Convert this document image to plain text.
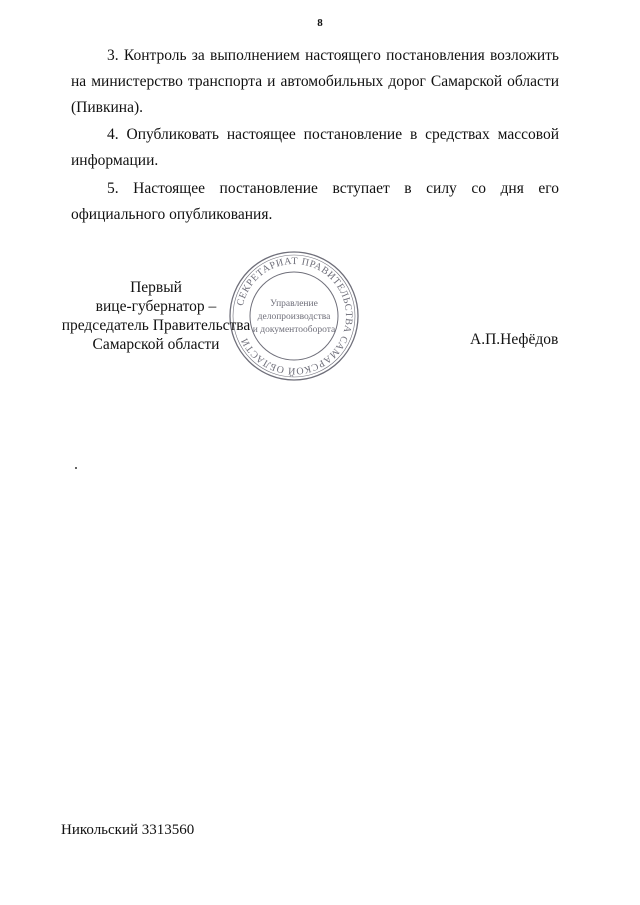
8
3. Контроль за выполнением настоящего постановления возложить
на министерство транспорта и автомобильных дорог Самарской области
(Пивкина).
4. Опубликовать настоящее постановление в средствах массовой
информации.
5. Настоящее постановление вступает в силу со дня его
официального опубликования.
СЕКРЕТАРИАТ ПРАВИТЕЛЬСТВА САМАРСКОЙ ОБЛАСТИ
Управление
делопроизводства
и документооборота
Первый
вице-губернатор –
председатель Правительства
Самарской области	А.П.Нефёдов
Никольский 3313560
